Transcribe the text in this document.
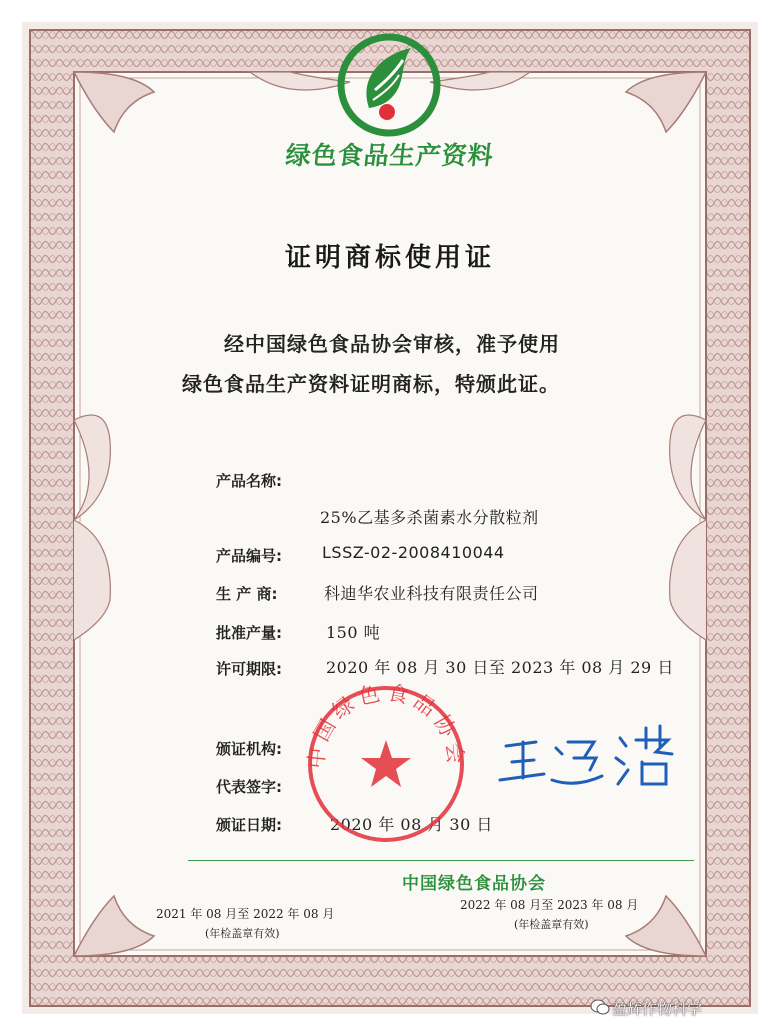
绿色食品生产资料
证明商标使用证
经中国绿色食品协会审核，准予使用
绿色食品生产资料证明商标，特颁此证。
产品名称:
25%乙基多杀菌素水分散粒剂
产品编号:	LSSZ-02-2008410044
生 产 商:	科迪华农业科技有限责任公司
批准产量:	150 吨
许可期限:	2020 年 08 月 30 日至 2023 年 08 月 29 日
颁证机构:
代表签字:
颁证日期:	2020 年 08 月 30 日
中国绿色食品协会
中国绿色食品协会
2021 年 08 月至 2022 年 08 月
(年检盖章有效)
2022 年 08 月至 2023 年 08 月
(年检盖章有效)
盈辉作物科学
